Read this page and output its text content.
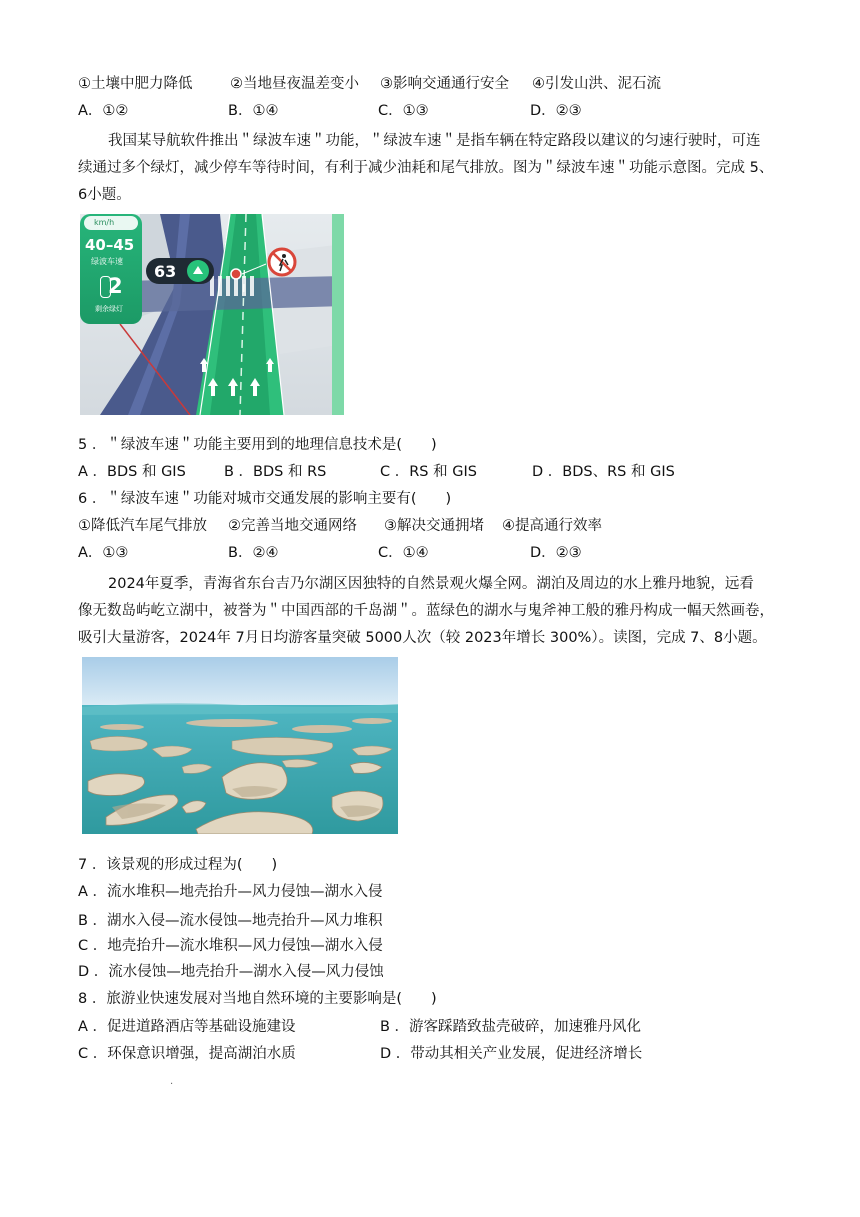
①土壤中肥力降低	②当地昼夜温差变小 ③影响交通通行安全 ④引发山洪、泥石流
A．①②	B．①④	C．①③	D．②③
我国某导航软件推出＂绿波车速＂功能，＂绿波车速＂是指车辆在特定路段以建议的匀速行驶时，可连
续通过多个绿灯，减少停车等待时间，有利于减少油耗和尾气排放。图为＂绿波车速＂功能示意图。完成 5、
6小题。
km/h
40–45
绿波车速
2
剩余绿灯
63
5 ．＂绿波车速＂功能主要用到的地理信息技术是(　　)
A ．BDS 和 GIS	B ．BDS 和 RS	C ．RS 和 GIS	D ．BDS、RS 和 GIS
6 ．＂绿波车速＂功能对城市交通发展的影响主要有(　　)
①降低汽车尾气排放 ②完善当地交通网络 ③解决交通拥堵 ④提高通行效率
A．①③	B．②④	C．①④	D．②③
2024年夏季，青海省东台吉乃尔湖区因独特的自然景观火爆全网。湖泊及周边的水上雅丹地貌，远看
像无数岛屿屹立湖中，被誉为＂中国西部的千岛湖＂。蓝绿色的湖水与鬼斧神工般的雅丹构成一幅天然画卷，
吸引大量游客，2024年 7月日均游客量突破 5000人次（较 2023年增长 300%）。读图，完成 7、8小题。
7 ．该景观的形成过程为(　　)
A ．流水堆积—地壳抬升—风力侵蚀—湖水入侵
B ．湖水入侵—流水侵蚀—地壳抬升—风力堆积
C ．地壳抬升—流水堆积—风力侵蚀—湖水入侵
D ．流水侵蚀—地壳抬升—湖水入侵—风力侵蚀
8 ．旅游业快速发展对当地自然环境的主要影响是(　　)
A ．促进道路酒店等基础设施建设	B ．游客踩踏致盐壳破碎，加速雅丹风化
C ．环保意识增强，提高湖泊水质	D ．带动其相关产业发展，促进经济增长
.
